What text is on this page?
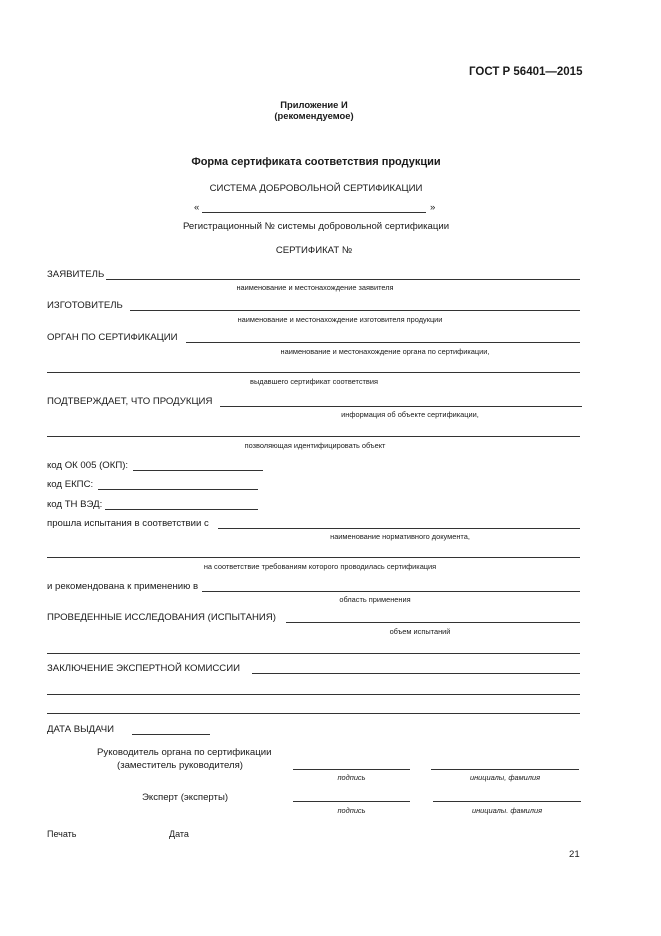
ГОСТ Р 56401—2015
Приложение И
(рекомендуемое)
Форма сертификата соответствия продукции
СИСТЕМА ДОБРОВОЛЬНОЙ СЕРТИФИКАЦИИ
«	»
Регистрационный № системы добровольной сертификации
СЕРТИФИКАТ №
ЗАЯВИТЕЛЬ
наименование и местонахождение заявителя
ИЗГОТОВИТЕЛЬ
наименование и местонахождение изготовителя продукции
ОРГАН ПО СЕРТИФИКАЦИИ
наименование и местонахождение органа по сертификации,
выдавшего сертификат соответствия
ПОДТВЕРЖДАЕТ, ЧТО ПРОДУКЦИЯ
информация об объекте сертификации,
позволяющая идентифицировать объект
код ОК 005 (ОКП):
код ЕКПС:
код ТН ВЭД:
прошла испытания в соответствии с
наименование нормативного документа,
на соответствие требованиям которого проводилась сертификация
и рекомендована к применению в
область применения
ПРОВЕДЕННЫЕ ИССЛЕДОВАНИЯ (ИСПЫТАНИЯ)
объем испытаний
ЗАКЛЮЧЕНИЕ ЭКСПЕРТНОЙ КОМИССИИ
ДАТА ВЫДАЧИ
Руководитель органа по сертификации
(заместитель руководителя)
подпись	инициалы, фамилия
Эксперт (эксперты)
подпись	инициалы. фамилия
Печать	Дата
21
